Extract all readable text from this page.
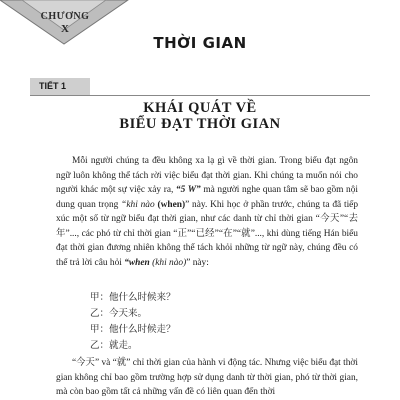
CHƯƠNG
X
THỜI GIAN
TIẾT 1
KHÁI QUÁT VỀ
BIỂU ĐẠT THỜI GIAN

Mỗi người chúng ta đều không xa lạ gì về thời gian. Trong biểu đạt ngôn ngữ luôn không thể tách rời việc biểu đạt thời gian. Khi chúng ta muốn nói cho người khác một sự việc xảy ra, “5 W” mà người nghe quan tâm sẽ bao gồm nội dung quan trọng “khi nào (when)” này. Khi học ở phần trước, chúng ta đã tiếp xúc một số từ ngữ biểu đạt thời gian, như các danh từ chỉ thời gian “今天”“去年”..., các phó từ chỉ thời gian “正”“已经”“在”“就”..., khi dùng tiếng Hán biểu đạt thời gian đương nhiên không thể tách khỏi những từ ngữ này, chúng đều có thể trả lời câu hỏi “when (khi nào)” này:

甲：他什么时候来？
乙：今天来。
甲：他什么时候走？
乙：就走。

“今天” và “就” chỉ thời gian của hành vi động tác. Nhưng việc biểu đạt thời gian không chỉ bao gồm trường hợp sử dụng danh từ thời gian, phó từ thời gian, mà còn bao gồm tất cả những vấn đề có liên quan đến thời
